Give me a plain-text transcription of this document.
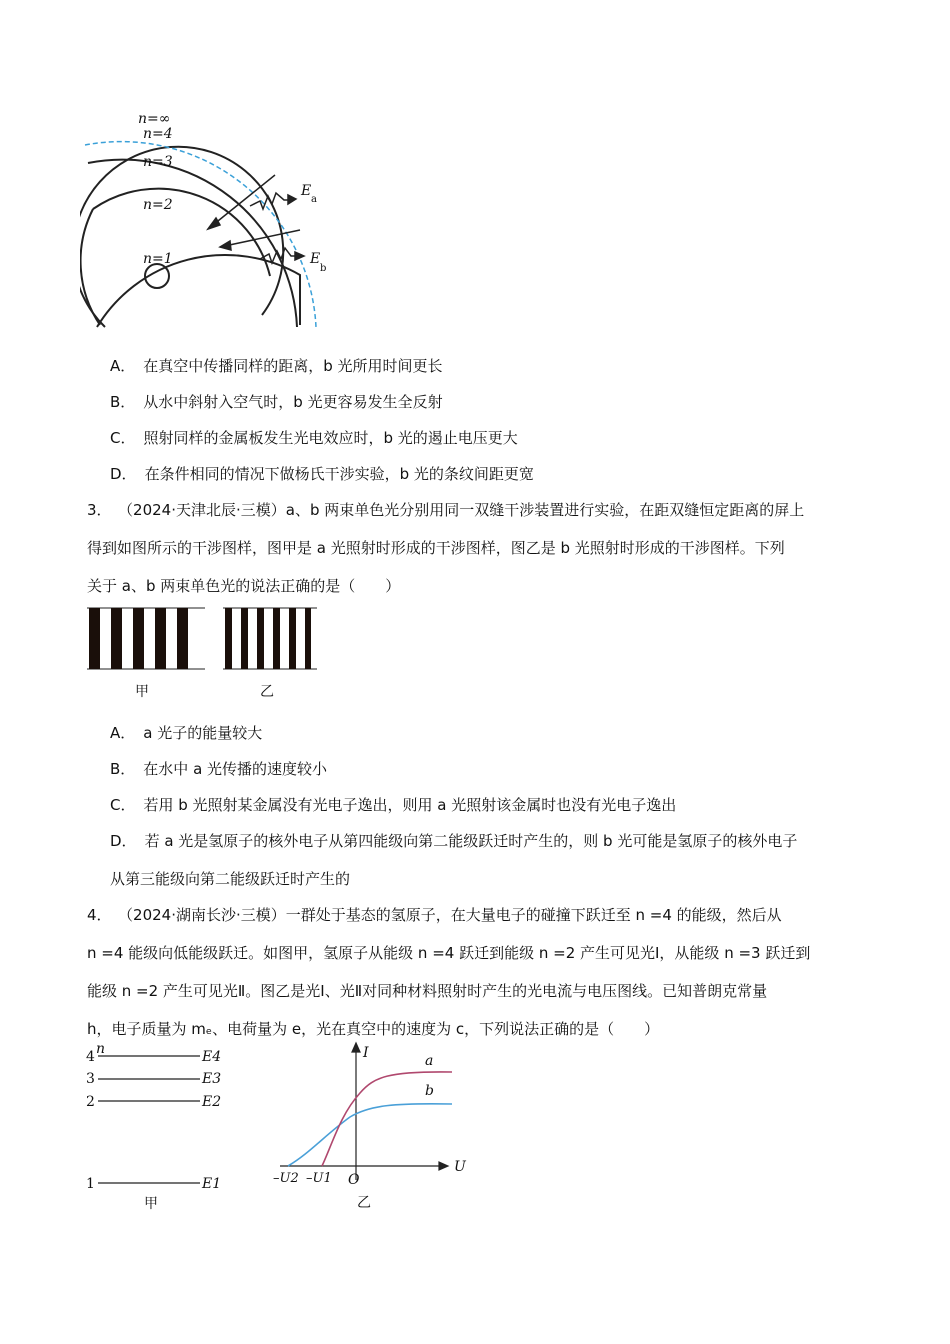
n=∞
n=4
n=3
n=2
n=1
E
a
E
b
A． 在真空中传播同样的距离，b 光所用时间更长
B． 从水中斜射入空气时，b 光更容易发生全反射
C． 照射同样的金属板发生光电效应时，b 光的遏止电压更大
D． 在条件相同的情况下做杨氏干涉实验，b 光的条纹间距更宽
3． （2024·天津北辰·三模）a、b 两束单色光分别用同一双缝干涉装置进行实验，在距双缝恒定距离的屏上
得到如图所示的干涉图样，图甲是 a 光照射时形成的干涉图样，图乙是 b 光照射时形成的干涉图样。下列
关于 a、b 两束单色光的说法正确的是（　　）
甲	乙
A． a 光子的能量较大
B． 在水中 a 光传播的速度较小
C． 若用 b 光照射某金属没有光电子逸出，则用 a 光照射该金属时也没有光电子逸出
D． 若 a 光是氢原子的核外电子从第四能级向第二能级跃迁时产生的，则 b 光可能是氢原子的核外电子
从第三能级向第二能级跃迁时产生的
4． （2024·湖南长沙·三模）一群处于基态的氢原子，在大量电子的碰撞下跃迁至 n =4 的能级，然后从
n =4 能级向低能级跃迁。如图甲，氢原子从能级 n =4 跃迁到能级 n =2 产生可见光Ⅰ，从能级 n =3 跃迁到
能级 n =2 产生可见光Ⅱ。图乙是光Ⅰ、光Ⅱ对同种材料照射时产生的光电流与电压图线。已知普朗克常量
h，电子质量为 mₑ、电荷量为 e，光在真空中的速度为 c，下列说法正确的是（　　）
4 n
3
2
1
E4
E3
E2
E1
甲
I
U
O
a
b
–U2 –U1
乙
